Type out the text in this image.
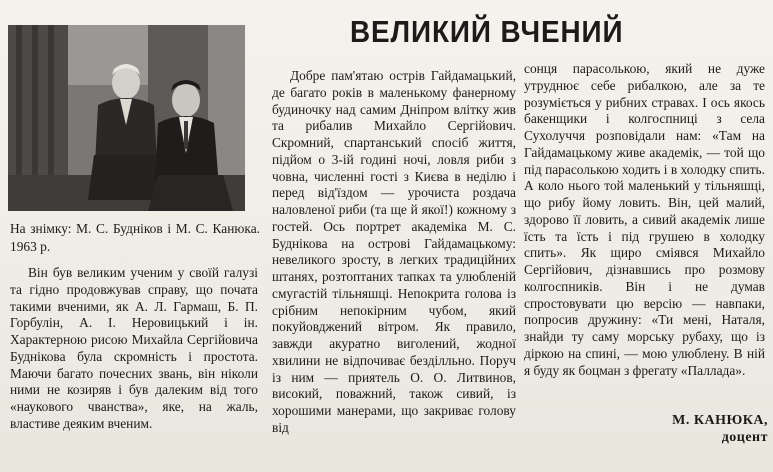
На знімку: М. С. Будніков і М. С. Канюка. 1963 р.
ВЕЛИКИЙ ВЧЕНИЙ

Він був великим ученим у своїй галузі та гідно продовжував справу, що почата такими вченими, як А. Л. Гармаш, Б. П. Горбулін, А. І. Неровицький і ін. Характерною рисою Михайла Сергійовича Буднікова була скромність і простота. Маючи багато почесних звань, він ніколи ними не козиряв і був далеким від того «наукового чванства», яке, на жаль, властиве деяким вченим.

Добре пам'ятаю острів Гайдамацький, де багато років в маленькому фанерному будиночку над самим Дніпром влітку жив та рибалив Михайло Сергійович. Скромний, спартанський спосіб життя, підйом о 3-ій годині ночі, ловля риби з човна, численні гості з Києва в неділю і перед від'їздом — урочиста роздача наловленої риби (та ще й якої!) кожному з гостей. Ось портрет академіка М. С. Буднікова на острові Гайдамацькому: невеликого зросту, в легких традиційних штанях, розтоптаних тапках та улюбленій смугастій тільняшці. Непокрита голова із срібним непокірним чубом, який покуйовджений вітром. Як правило, завжди акуратно виголений, жодної хвилини не відпочиває безділльно. Поруч із ним — приятель О. О. Литвинов, високий, поважний, також сивий, із хорошими манерами, що закриває голову від

сонця парасолькою, який не дуже утруднює себе рибалкою, але за те розуміється у рибних стравах. І ось якось бакенщики і колгоспниці з села Сухолуччя розповідали нам: «Там на Гайдамацькому живе академік, — той що під парасолькою ходить і в холодку спить. А коло нього той маленький у тільняшці, що рибу йому ловить. Він, цей малий, здорово її ловить, а сивий академік лише їсть та їсть і під грушею в холодку спить». Як щиро сміявся Михайло Сергійович, дізнавшись про розмову колгоспників. Він і не думав спростовувати цю версію — навпаки, попросив дружину: «Ти мені, Наталя, знайди ту саму морську рубаху, що із діркою на спині, — мою улюблену. В ній я буду як боцман з фрегату «Паллада».

М. КАНЮКА,
доцент
